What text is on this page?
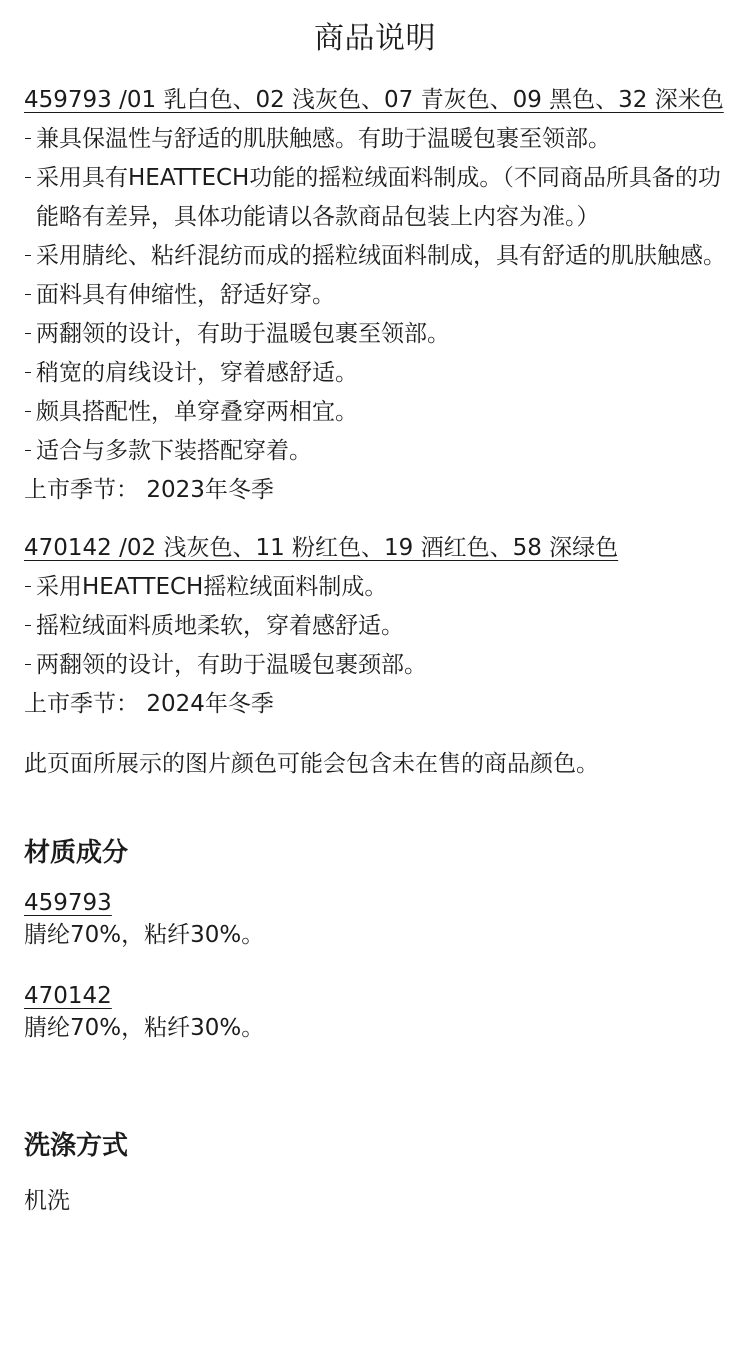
商品说明
459793 /01 乳白色、02 浅灰色、07 青灰色、09 黑色、32 深米色
兼具保温性与舒适的肌肤触感。有助于温暖包裹至领部。
采用具有HEATTECH功能的摇粒绒面料制成。（不同商品所具备的功能略有差异，具体功能请以各款商品包装上内容为准。）
采用腈纶、粘纤混纺而成的摇粒绒面料制成，具有舒适的肌肤触感。
面料具有伸缩性，舒适好穿。
两翻领的设计，有助于温暖包裹至领部。
稍宽的肩线设计，穿着感舒适。
颇具搭配性，单穿叠穿两相宜。
适合与多款下装搭配穿着。
上市季节： 2023年冬季
470142 /02 浅灰色、11 粉红色、19 酒红色、58 深绿色
采用HEATTECH摇粒绒面料制成。
摇粒绒面料质地柔软，穿着感舒适。
两翻领的设计，有助于温暖包裹颈部。
上市季节： 2024年冬季
此页面所展示的图片颜色可能会包含未在售的商品颜色。
材质成分
459793
腈纶70%，粘纤30%。
470142
腈纶70%，粘纤30%。
洗涤方式
机洗
